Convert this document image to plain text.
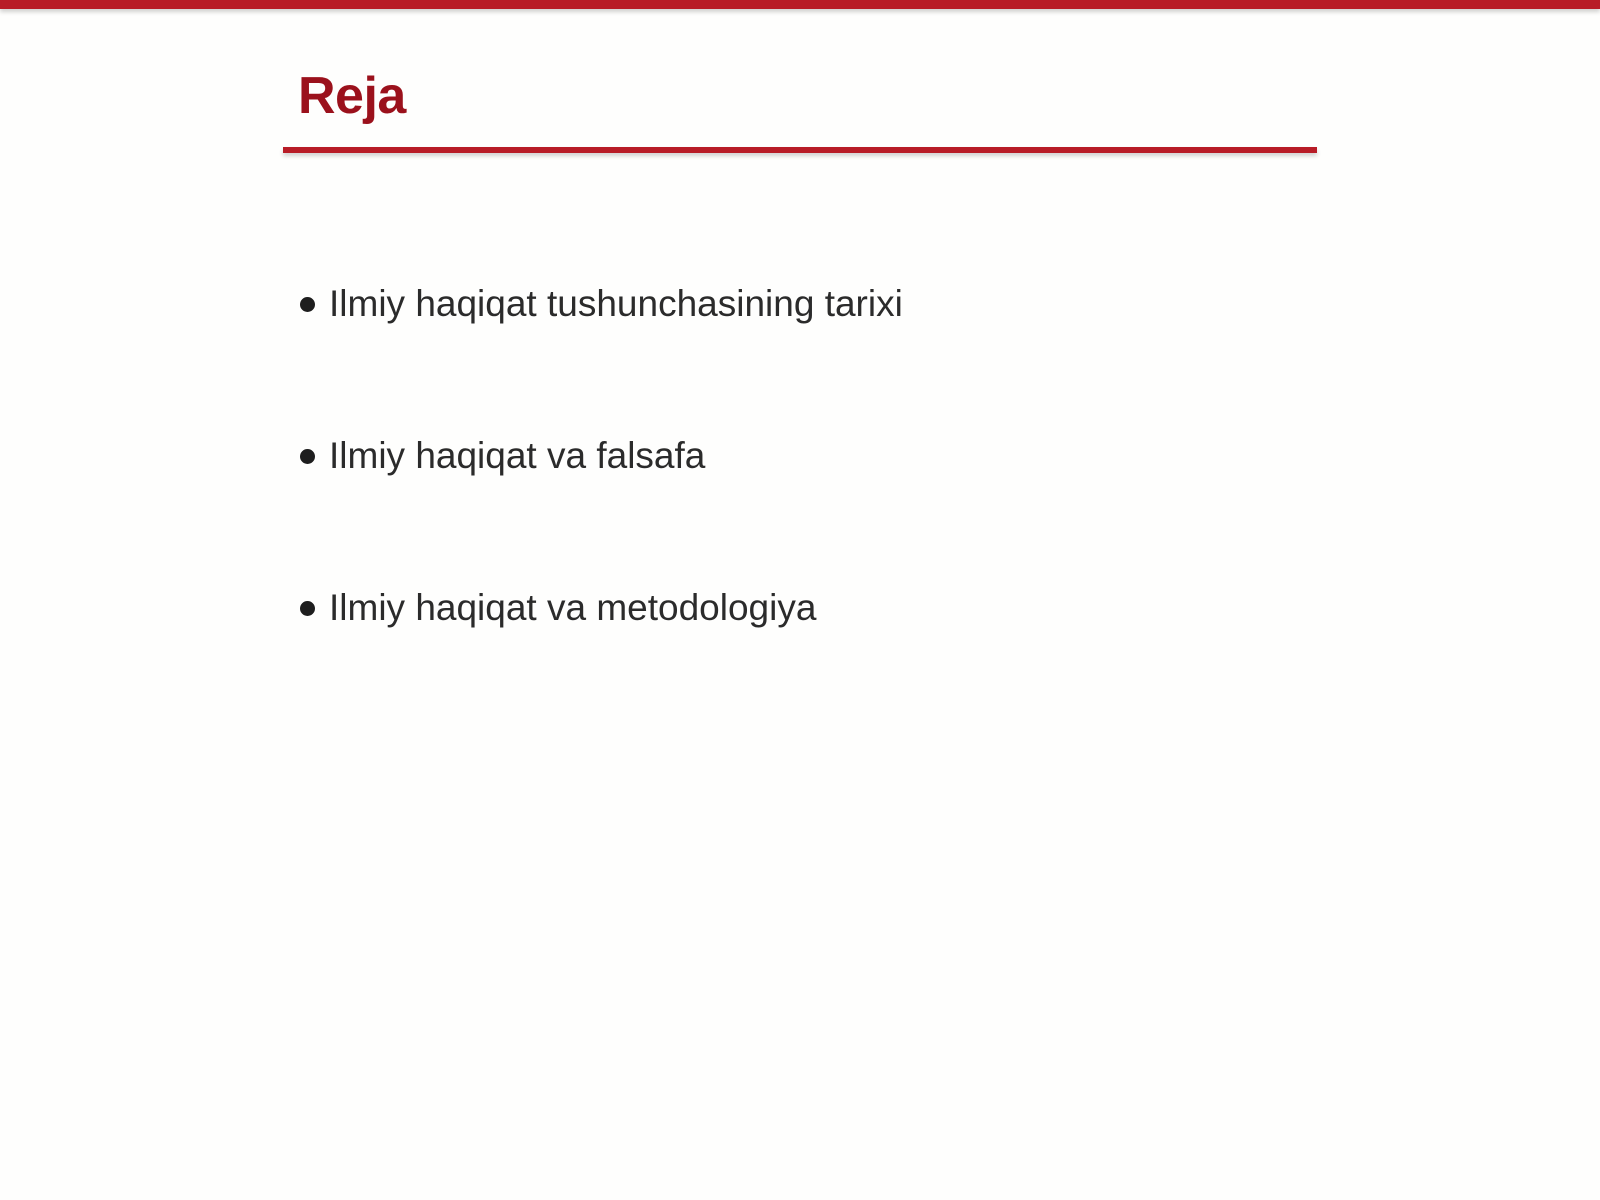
Reja
Ilmiy haqiqat tushunchasining tarixi
Ilmiy haqiqat va falsafa
Ilmiy haqiqat va metodologiya
